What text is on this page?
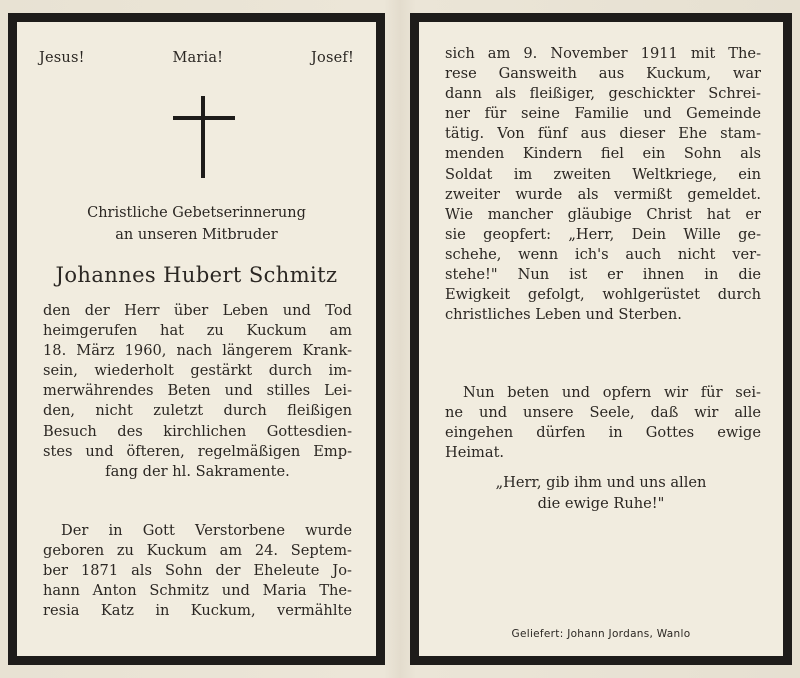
Jesus!	Maria!	Josef!
Christliche Gebetserinnerung
an unseren Mitbruder
Johannes Hubert Schmitz
den der Herr über Leben und Tod
heimgerufen hat zu Kuckum am
18. März 1960, nach längerem Krank-
sein, wiederholt gestärkt durch im-
merwährendes Beten und stilles Lei-
den, nicht zuletzt durch fleißigen
Besuch des kirchlichen Gottesdien-
stes und öfteren, regelmäßigen Emp-
fang der hl. Sakramente.
Der in Gott Verstorbene wurde
geboren zu Kuckum am 24. Septem-
ber 1871 als Sohn der Eheleute Jo-
hann Anton Schmitz und Maria The-
resia Katz in Kuckum, vermählte
sich am 9. November 1911 mit The-
rese Gansweith aus Kuckum, war
dann als fleißiger, geschickter Schrei-
ner für seine Familie und Gemeinde
tätig. Von fünf aus dieser Ehe stam-
menden Kindern fiel ein Sohn als
Soldat im zweiten Weltkriege, ein
zweiter wurde als vermißt gemeldet.
Wie mancher gläubige Christ hat er
sie geopfert: „Herr, Dein Wille ge-
schehe, wenn ich's auch nicht ver-
stehe!" Nun ist er ihnen in die
Ewigkeit gefolgt, wohlgerüstet durch
christliches Leben und Sterben.
Nun beten und opfern wir für sei-
ne und unsere Seele, daß wir alle
eingehen dürfen in Gottes ewige
Heimat.
„Herr, gib ihm und uns allen
die ewige Ruhe!"
Geliefert: Johann Jordans, Wanlo
